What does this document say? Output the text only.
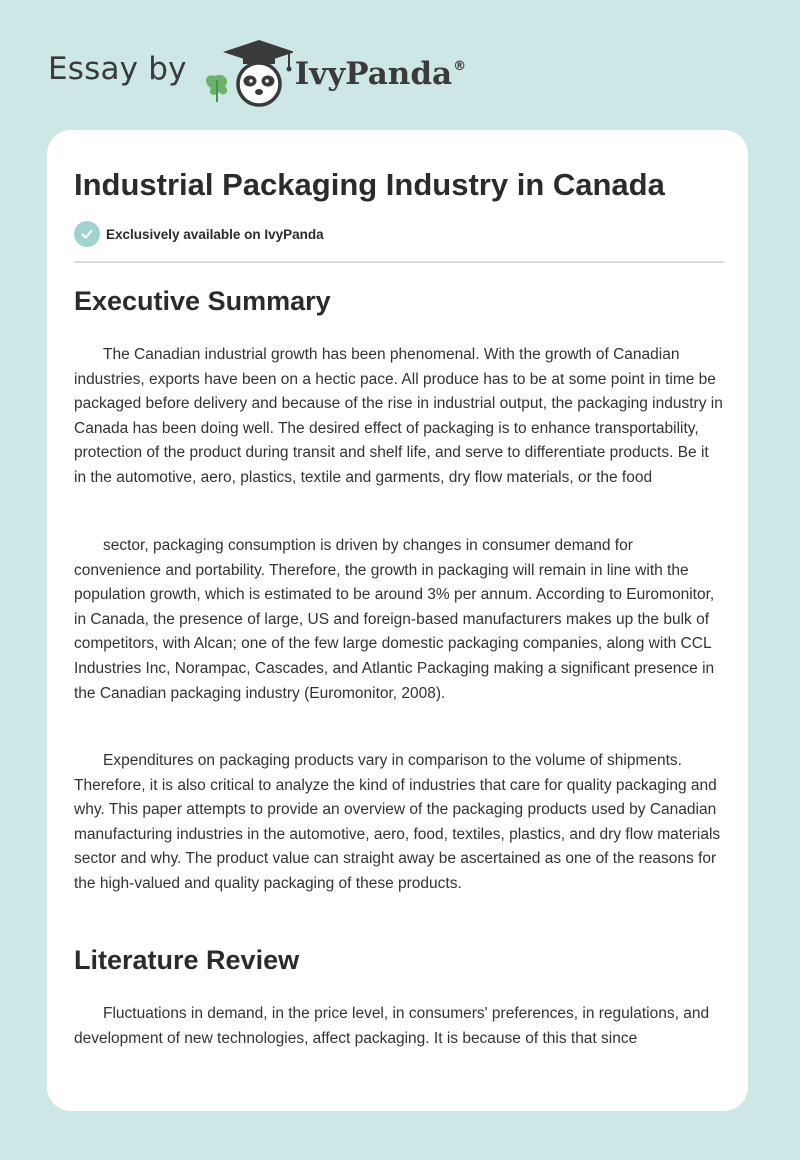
Essay by	IvyPanda ®
Industrial Packaging Industry in Canada
Exclusively available on IvyPanda
Executive Summary

The Canadian industrial growth has been phenomenal. With the growth of Canadian industries, exports have been on a hectic pace. All produce has to be at some point in time be packaged before delivery and because of the rise in industrial output, the packaging industry in Canada has been doing well. The desired effect of packaging is to enhance transportability, protection of the product during transit and shelf life, and serve to differentiate products. Be it in the automotive, aero, plastics, textile and garments, dry flow materials, or the food

sector, packaging consumption is driven by changes in consumer demand for convenience and portability. Therefore, the growth in packaging will remain in line with the population growth, which is estimated to be around 3% per annum. According to Euromonitor, in Canada, the presence of large, US and foreign-based manufacturers makes up the bulk of competitors, with Alcan; one of the few large domestic packaging companies, along with CCL Industries Inc, Norampac, Cascades, and Atlantic Packaging making a significant presence in the Canadian packaging industry (Euromonitor, 2008).

Expenditures on packaging products vary in comparison to the volume of shipments. Therefore, it is also critical to analyze the kind of industries that care for quality packaging and why. This paper attempts to provide an overview of the packaging products used by Canadian manufacturing industries in the automotive, aero, food, textiles, plastics, and dry flow materials sector and why. The product value can straight away be ascertained as one of the reasons for the high-valued and quality packaging of these products.

Literature Review

Fluctuations in demand, in the price level, in consumers' preferences, in regulations, and development of new technologies, affect packaging. It is because of this that since
